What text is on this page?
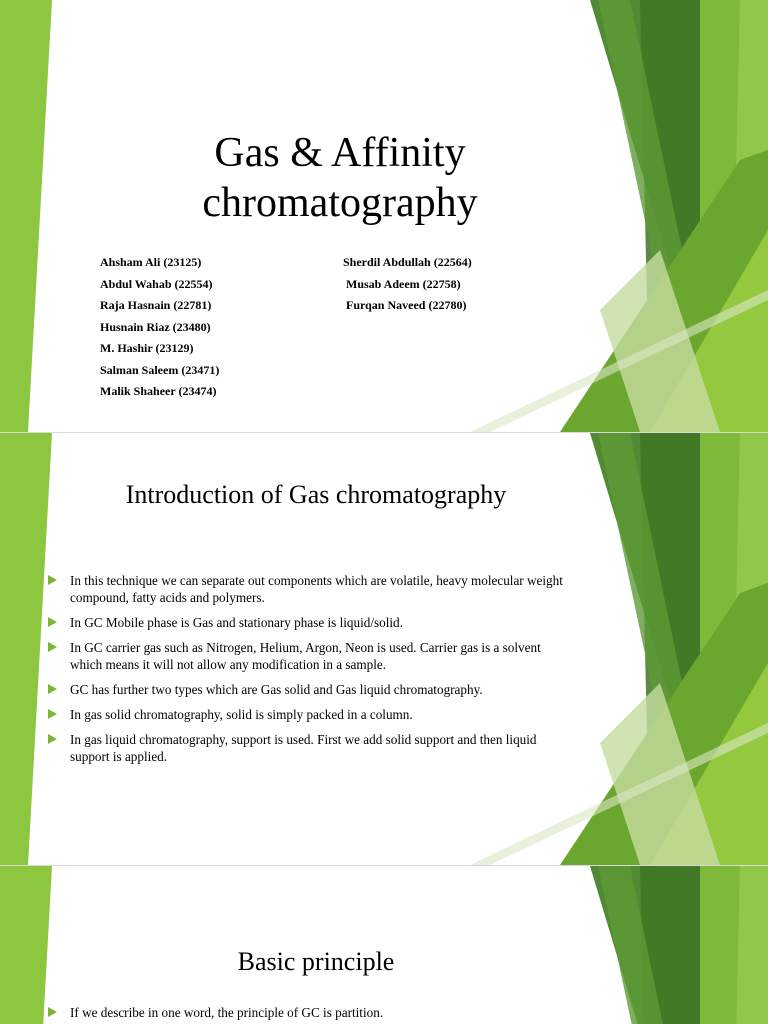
Gas & Affinity
chromatography
Ahsham Ali (23125)
Abdul Wahab (22554)
Raja Hasnain (22781)
Husnain Riaz (23480)
M. Hashir (23129)
Salman Saleem (23471)
Malik Shaheer (23474)
Sherdil Abdullah (22564)
Musab Adeem (22758)
Furqan Naveed (22780)
Introduction of Gas chromatography
In this technique we can separate out components which are volatile, heavy molecular weight compound, fatty acids and polymers.
In GC Mobile phase is Gas and stationary phase is liquid/solid.
In GC carrier gas such as Nitrogen, Helium, Argon, Neon is used. Carrier gas is a solvent which means it will not allow any modification in a sample.
GC has further two types which are Gas solid and Gas liquid chromatography.
In gas solid chromatography, solid is simply packed in a column.
In gas liquid chromatography, support is used. First we add solid support and then liquid support is applied.
Basic principle
If we describe in one word, the principle of GC is partition.
